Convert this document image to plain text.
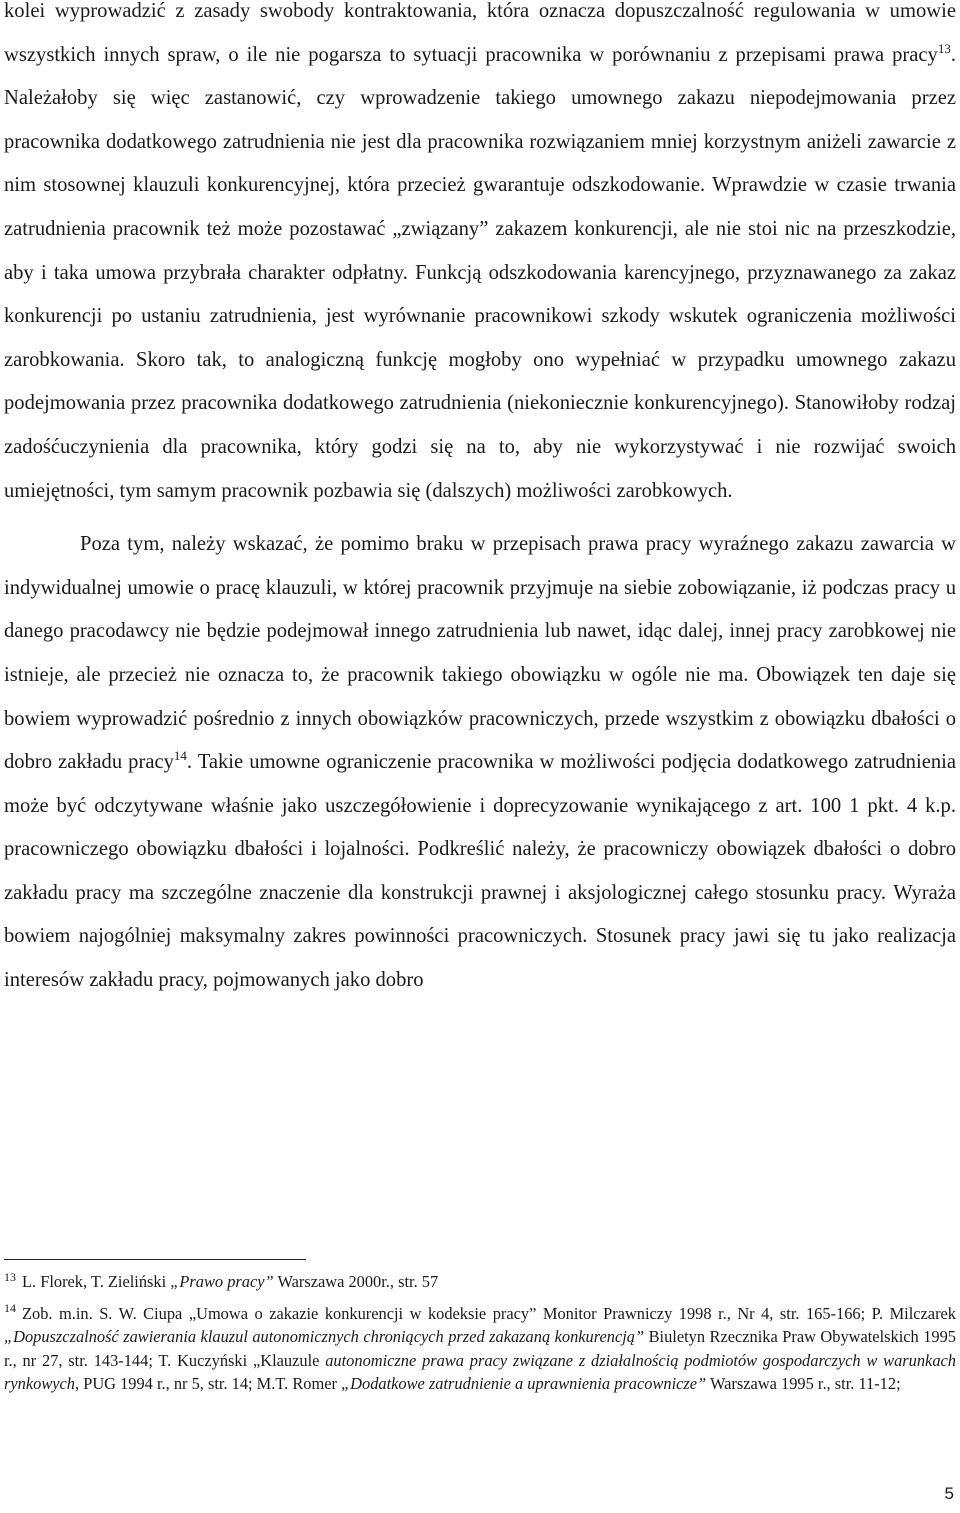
kolei wyprowadzić z zasady swobody kontraktowania, która oznacza dopuszczalność regulowania w umowie wszystkich innych spraw, o ile nie pogarsza to sytuacji pracownika w porównaniu z przepisami prawa pracy$^{13}$. Należałoby się więc zastanowić, czy wprowadzenie takiego umownego zakazu niepodejmowania przez pracownika dodatkowego zatrudnienia nie jest dla pracownika rozwiązaniem mniej korzystnym aniżeli zawarcie z nim stosownej klauzuli konkurencyjnej, która przecież gwarantuje odszkodowanie. Wprawdzie w czasie trwania zatrudnienia pracownik też może pozostawać „związany” zakazem konkurencji, ale nie stoi nic na przeszkodzie, aby i taka umowa przybrała charakter odpłatny. Funkcją odszkodowania karencyjnego, przyznawanego za zakaz konkurencji po ustaniu zatrudnienia, jest wyrównanie pracownikowi szkody wskutek ograniczenia możliwości zarobkowania. Skoro tak, to analogiczną funkcję mogłoby ono wypełniać w przypadku umownego zakazu podejmowania przez pracownika dodatkowego zatrudnienia (niekoniecznie konkurencyjnego). Stanowiłoby rodzaj zadośćuczynienia dla pracownika, który godzi się na to, aby nie wykorzystywać i nie rozwijać swoich umiejętności, tym samym pracownik pozbawia się (dalszych) możliwości zarobkowych.

Poza tym, należy wskazać, że pomimo braku w przepisach prawa pracy wyraźnego zakazu zawarcia w indywidualnej umowie o pracę klauzuli, w której pracownik przyjmuje na siebie zobowiązanie, iż podczas pracy u danego pracodawcy nie będzie podejmował innego zatrudnienia lub nawet, idąc dalej, innej pracy zarobkowej nie istnieje, ale przecież nie oznacza to, że pracownik takiego obowiązku w ogóle nie ma. Obowiązek ten daje się bowiem wyprowadzić pośrednio z innych obowiązków pracowniczych, przede wszystkim z obowiązku dbałości o dobro zakładu pracy$^{14}$. Takie umowne ograniczenie pracownika w możliwości podjęcia dodatkowego zatrudnienia może być odczytywane właśnie jako uszczegółowienie i doprecyzowanie wynikającego z art. 100 1 pkt. 4 k.p. pracowniczego obowiązku dbałości i lojalności. Podkreślić należy, że pracowniczy obowiązek dbałości o dobro zakładu pracy ma szczególne znaczenie dla konstrukcji prawnej i aksjologicznej całego stosunku pracy. Wyraża bowiem najogólniej maksymalny zakres powinności pracowniczych. Stosunek pracy jawi się tu jako realizacja interesów zakładu pracy, pojmowanych jako dobro

$^{13}$ L. Florek, T. Zieliński „Prawo pracy” Warszawa 2000r., str. 57

$^{14}$ Zob. m.in. S. W. Ciupa „Umowa o zakazie konkurencji w kodeksie pracy” Monitor Prawniczy 1998 r., Nr 4, str. 165-166; P. Milczarek „Dopuszczalność zawierania klauzul autonomicznych chroniących przed zakazaną konkurencją” Biuletyn Rzecznika Praw Obywatelskich 1995 r., nr 27, str. 143-144; T. Kuczyński „Klauzule autonomiczne prawa pracy związane z działalnością podmiotów gospodarczych w warunkach rynkowych, PUG 1994 r., nr 5, str. 14; M.T. Romer „Dodatkowe zatrudnienie a uprawnienia pracownicze” Warszawa 1995 r., str. 11-12;

5
